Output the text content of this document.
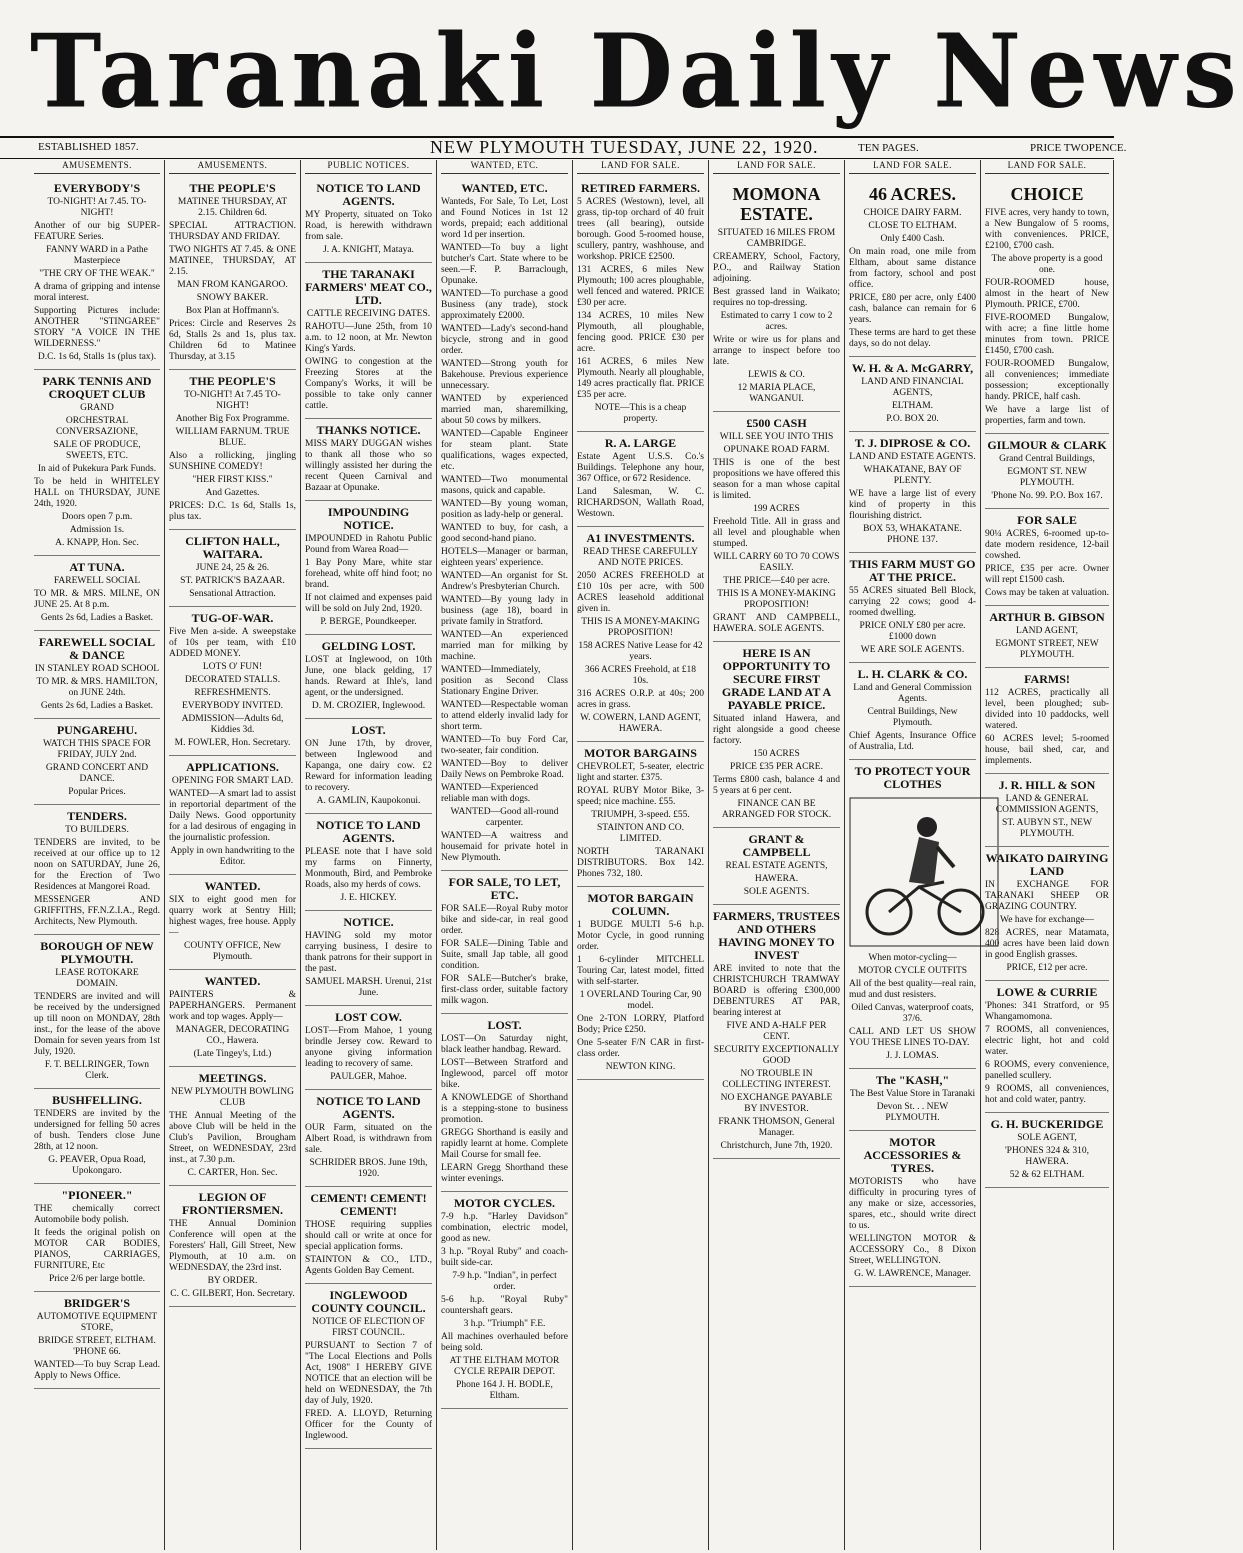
Taranaki Daily News
ESTABLISHED 1857.	NEW PLYMOUTH TUESDAY, JUNE 22, 1920.	TEN PAGES.	PRICE TWOPENCE.
AMUSEMENTS.
EVERYBODY'S

TO-NIGHT! At 7.45. TO-NIGHT!

Another of our big SUPER-FEATURE Series.

FANNY WARD in a Pathe Masterpiece

"THE CRY OF THE WEAK."

A drama of gripping and intense moral interest.

Supporting Pictures include: ANOTHER "STINGAREE" STORY "A VOICE IN THE WILDERNESS."

D.C. 1s 6d, Stalls 1s (plus tax).

PARK TENNIS AND CROQUET CLUB

GRAND

ORCHESTRAL CONVERSAZIONE,

SALE OF PRODUCE, SWEETS, ETC.

In aid of Pukekura Park Funds.

To be held in WHITELEY HALL on THURSDAY, JUNE 24th, 1920.

Doors open 7 p.m.

Admission 1s.

A. KNAPP, Hon. Sec.

AT TUNA.

FAREWELL SOCIAL

TO MR. & MRS. MILNE, ON JUNE 25. At 8 p.m.

Gents 2s 6d, Ladies a Basket.

FAREWELL SOCIAL & DANCE

IN STANLEY ROAD SCHOOL

TO MR. & MRS. HAMILTON, on JUNE 24th.

Gents 2s 6d, Ladies a Basket.

PUNGAREHU.

WATCH THIS SPACE FOR FRIDAY, JULY 2nd.

GRAND CONCERT AND DANCE.

Popular Prices.

TENDERS.

TO BUILDERS.

TENDERS are invited, to be received at our office up to 12 noon on SATURDAY, June 26, for the Erection of Two Residences at Mangorei Road.

MESSENGER AND GRIFFITHS, FF.N.Z.I.A., Regd. Architects, New Plymouth.

BOROUGH OF NEW PLYMOUTH.

LEASE ROTOKARE DOMAIN.

TENDERS are invited and will be received by the undersigned up till noon on MONDAY, 28th inst., for the lease of the above Domain for seven years from 1st July, 1920.

F. T. BELLRINGER, Town Clerk.

BUSHFELLING.

TENDERS are invited by the undersigned for felling 50 acres of bush. Tenders close June 28th, at 12 noon.

G. PEAVER, Opua Road, Upokongaro.

"PIONEER."

THE chemically correct Automobile body polish.

It feeds the original polish on MOTOR CAR BODIES, PIANOS, CARRIAGES, FURNITURE, Etc

Price 2/6 per large bottle.

BRIDGER'S

AUTOMOTIVE EQUIPMENT STORE,

BRIDGE STREET, ELTHAM. 'PHONE 66.

WANTED—To buy Scrap Lead. Apply to News Office.

AMUSEMENTS.
THE PEOPLE'S

MATINEE THURSDAY, AT 2.15. Children 6d.

SPECIAL ATTRACTION. THURSDAY AND FRIDAY.

TWO NIGHTS AT 7.45. & ONE MATINEE, THURSDAY, AT 2.15.

MAN FROM KANGAROO.

SNOWY BAKER.

Box Plan at Hoffmann's.

Prices: Circle and Reserves 2s 6d, Stalls 2s and 1s, plus tax. Children 6d to Matinee Thursday, at 3.15

THE PEOPLE'S

TO-NIGHT! At 7.45 TO-NIGHT!

Another Big Fox Programme.

WILLIAM FARNUM. TRUE BLUE.

Also a rollicking, jingling SUNSHINE COMEDY!

"HER FIRST KISS."

And Gazettes.

PRICES: D.C. 1s 6d, Stalls 1s, plus tax.

CLIFTON HALL, WAITARA.

JUNE 24, 25 & 26.

ST. PATRICK'S BAZAAR.

Sensational Attraction.

TUG-OF-WAR.

Five Men a-side. A sweepstake of 10s per team, with £10 ADDED MONEY.

LOTS O' FUN!

DECORATED STALLS.

REFRESHMENTS.

EVERYBODY INVITED.

ADMISSION—Adults 6d, Kiddies 3d.

M. FOWLER, Hon. Secretary.

APPLICATIONS.

OPENING FOR SMART LAD.

WANTED—A smart lad to assist in reportorial department of the Daily News. Good opportunity for a lad desirous of engaging in the journalistic profession.

Apply in own handwriting to the Editor.

WANTED.

SIX to eight good men for quarry work at Sentry Hill; highest wages, free house. Apply—

COUNTY OFFICE, New Plymouth.

WANTED.

PAINTERS & PAPERHANGERS. Permanent work and top wages. Apply—

MANAGER, DECORATING CO., Hawera.

(Late Tingey's, Ltd.)

MEETINGS.

NEW PLYMOUTH BOWLING CLUB

THE Annual Meeting of the above Club will be held in the Club's Pavilion, Brougham Street, on WEDNESDAY, 23rd inst., at 7.30 p.m.

C. CARTER, Hon. Sec.

LEGION OF FRONTIERSMEN.

THE Annual Dominion Conference will open at the Foresters' Hall, Gill Street, New Plymouth, at 10 a.m. on WEDNESDAY, the 23rd inst.

BY ORDER.

C. C. GILBERT, Hon. Secretary.

PUBLIC NOTICES.
NOTICE TO LAND AGENTS.

MY Property, situated on Toko Road, is herewith withdrawn from sale.

J. A. KNIGHT, Mataya.

THE TARANAKI FARMERS' MEAT CO., LTD.

CATTLE RECEIVING DATES.

RAHOTU—June 25th, from 10 a.m. to 12 noon, at Mr. Newton King's Yards.

OWING to congestion at the Freezing Stores at the Company's Works, it will be possible to take only canner cattle.

THANKS NOTICE.

MISS MARY DUGGAN wishes to thank all those who so willingly assisted her during the recent Queen Carnival and Bazaar at Opunake.

IMPOUNDING NOTICE.

IMPOUNDED in Rahotu Public Pound from Warea Road—

1 Bay Pony Mare, white star forehead, white off hind foot; no brand.

If not claimed and expenses paid will be sold on July 2nd, 1920.

P. BERGE, Poundkeeper.

GELDING LOST.

LOST at Inglewood, on 10th June, one black gelding, 17 hands. Reward at Ihle's, land agent, or the undersigned.

D. M. CROZIER, Inglewood.

LOST.

ON June 17th, by drover, between Inglewood and Kapanga, one dairy cow. £2 Reward for information leading to recovery.

A. GAMLIN, Kaupokonui.

NOTICE TO LAND AGENTS.

PLEASE note that I have sold my farms on Finnerty, Monmouth, Bird, and Pembroke Roads, also my herds of cows.

J. E. HICKEY.

NOTICE.

HAVING sold my motor carrying business, I desire to thank patrons for their support in the past.

SAMUEL MARSH. Urenui, 21st June.

LOST COW.

LOST—From Mahoe, 1 young brindle Jersey cow. Reward to anyone giving information leading to recovery of same.

PAULGER, Mahoe.

NOTICE TO LAND AGENTS.

OUR Farm, situated on the Albert Road, is withdrawn from sale.

SCHRIDER BROS. June 19th, 1920.

CEMENT! CEMENT! CEMENT!

THOSE requiring supplies should call or write at once for special application forms.

STAINTON & CO., LTD., Agents Golden Bay Cement.

INGLEWOOD COUNTY COUNCIL.

NOTICE OF ELECTION OF FIRST COUNCIL.

PURSUANT to Section 7 of "The Local Elections and Polls Act, 1908" I HEREBY GIVE NOTICE that an election will be held on WEDNESDAY, the 7th day of July, 1920.

FRED. A. LLOYD, Returning Officer for the County of Inglewood.

WANTED, ETC.
WANTED, ETC.

Wanteds, For Sale, To Let, Lost and Found Notices in 1st 12 words, prepaid; each additional word 1d per insertion.

WANTED—To buy a light butcher's Cart. State where to be seen.—F. P. Barraclough, Opunake.

WANTED—To purchase a good Business (any trade), stock approximately £2000.

WANTED—Lady's second-hand bicycle, strong and in good order.

WANTED—Strong youth for Bakehouse. Previous experience unnecessary.

WANTED by experienced married man, sharemilking, about 50 cows by milkers.

WANTED—Capable Engineer for steam plant. State qualifications, wages expected, etc.

WANTED—Two monumental masons, quick and capable.

WANTED—By young woman, position as lady-help or general.

WANTED to buy, for cash, a good second-hand piano.

HOTELS—Manager or barman, eighteen years' experience.

WANTED—An organist for St. Andrew's Presbyterian Church.

WANTED—By young lady in business (age 18), board in private family in Stratford.

WANTED—An experienced married man for milking by machine.

WANTED—Immediately, position as Second Class Stationary Engine Driver.

WANTED—Respectable woman to attend elderly invalid lady for short term.

WANTED—To buy Ford Car, two-seater, fair condition.

WANTED—Boy to deliver Daily News on Pembroke Road.

WANTED—Experienced reliable man with dogs.

WANTED—Good all-round carpenter.

WANTED—A waitress and housemaid for private hotel in New Plymouth.

FOR SALE, TO LET, ETC.

FOR SALE—Royal Ruby motor bike and side-car, in real good order.

FOR SALE—Dining Table and Suite, small Jap table, all good condition.

FOR SALE—Butcher's brake, first-class order, suitable factory milk wagon.

LOST.

LOST—On Saturday night, black leather handbag. Reward.

LOST—Between Stratford and Inglewood, parcel off motor bike.

A KNOWLEDGE of Shorthand is a stepping-stone to business promotion.

GREGG Shorthand is easily and rapidly learnt at home. Complete Mail Course for small fee.

LEARN Gregg Shorthand these winter evenings.

MOTOR CYCLES.

7-9 h.p. "Harley Davidson" combination, electric model, good as new.

3 h.p. "Royal Ruby" and coach-built side-car.

7-9 h.p. "Indian", in perfect order.

5-6 h.p. "Royal Ruby" countershaft gears.

3 h.p. "Triumph" F.E.

All machines overhauled before being sold.

AT THE ELTHAM MOTOR CYCLE REPAIR DEPOT.

Phone 164 J. H. BODLE, Eltham.

LAND FOR SALE.
RETIRED FARMERS.

5 ACRES (Westown), level, all grass, tip-top orchard of 40 fruit trees (all bearing), outside borough. Good 5-roomed house, scullery, pantry, washhouse, and workshop. PRICE £2500.

131 ACRES, 6 miles New Plymouth; 100 acres ploughable, well fenced and watered. PRICE £30 per acre.

134 ACRES, 10 miles New Plymouth, all ploughable, fencing good. PRICE £30 per acre.

161 ACRES, 6 miles New Plymouth. Nearly all ploughable, 149 acres practically flat. PRICE £35 per acre.

NOTE—This is a cheap property.

R. A. LARGE

Estate Agent U.S.S. Co.'s Buildings. Telephone any hour, 367 Office, or 672 Residence.

Land Salesman, W. C. RICHARDSON, Wallath Road, Westown.

A1 INVESTMENTS.

READ THESE CAREFULLY AND NOTE PRICES.

2050 ACRES FREEHOLD at £10 10s per acre, with 500 ACRES leasehold additional given in.

THIS IS A MONEY-MAKING PROPOSITION!

158 ACRES Native Lease for 42 years.

366 ACRES Freehold, at £18 10s.

316 ACRES O.R.P. at 40s; 200 acres in grass.

W. COWERN, LAND AGENT, HAWERA.

MOTOR BARGAINS

CHEVROLET, 5-seater, electric light and starter. £375.

ROYAL RUBY Motor Bike, 3-speed; nice machine. £55.

TRIUMPH, 3-speed. £55.

STAINTON AND CO. LIMITED.

NORTH TARANAKI DISTRIBUTORS. Box 142. Phones 732, 180.

MOTOR BARGAIN COLUMN.

1 BUDGE MULTI 5-6 h.p. Motor Cycle, in good running order.

1 6-cylinder MITCHELL Touring Car, latest model, fitted with self-starter.

1 OVERLAND Touring Car, 90 model.

One 2-TON LORRY, Platford Body; Price £250.

One 5-seater F/N CAR in first-class order.

NEWTON KING.

LAND FOR SALE.
MOMONA ESTATE.

SITUATED 16 MILES FROM CAMBRIDGE.

CREAMERY, School, Factory, P.O., and Railway Station adjoining.

Best grassed land in Waikato; requires no top-dressing.

Estimated to carry 1 cow to 2 acres.

Write or wire us for plans and arrange to inspect before too late.

LEWIS & CO.

12 MARIA PLACE, WANGANUI.

£500 CASH

WILL SEE YOU INTO THIS

OPUNAKE ROAD FARM.

THIS is one of the best propositions we have offered this season for a man whose capital is limited.

199 ACRES

Freehold Title. All in grass and all level and ploughable when stumped.

WILL CARRY 60 TO 70 COWS EASILY.

THE PRICE—£40 per acre.

THIS IS A MONEY-MAKING PROPOSITION!

GRANT AND CAMPBELL, HAWERA. SOLE AGENTS.

HERE IS AN OPPORTUNITY TO SECURE FIRST GRADE LAND AT A PAYABLE PRICE.

Situated inland Hawera, and right alongside a good cheese factory.

150 ACRES

PRICE £35 PER ACRE.

Terms £800 cash, balance 4 and 5 years at 6 per cent.

FINANCE CAN BE ARRANGED FOR STOCK.

GRANT & CAMPBELL

REAL ESTATE AGENTS,

HAWERA.

SOLE AGENTS.

FARMERS, TRUSTEES AND OTHERS HAVING MONEY TO INVEST

ARE invited to note that the CHRISTCHURCH TRAMWAY BOARD is offering £300,000 DEBENTURES AT PAR, bearing interest at

FIVE AND A-HALF PER CENT.

SECURITY EXCEPTIONALLY GOOD

NO TROUBLE IN COLLECTING INTEREST.

NO EXCHANGE PAYABLE BY INVESTOR.

FRANK THOMSON, General Manager.

Christchurch, June 7th, 1920.

LAND FOR SALE.
46 ACRES.

CHOICE DAIRY FARM.

CLOSE TO ELTHAM.

Only £400 Cash.

On main road, one mile from Eltham, about same distance from factory, school and post office.

PRICE, £80 per acre, only £400 cash, balance can remain for 6 years.

These terms are hard to get these days, so do not delay.

W. H. & A. McGARRY,

LAND AND FINANCIAL AGENTS,

ELTHAM.

P.O. BOX 20.

T. J. DIPROSE & CO.

LAND AND ESTATE AGENTS.

WHAKATANE, BAY OF PLENTY.

WE have a large list of every kind of property in this flourishing district.

BOX 53, WHAKATANE. PHONE 137.

THIS FARM MUST GO AT THE PRICE.

55 ACRES situated Bell Block, carrying 22 cows; good 4-roomed dwelling.

PRICE ONLY £80 per acre. £1000 down

WE ARE SOLE AGENTS.

L. H. CLARK & CO.

Land and General Commission Agents.

Central Buildings, New Plymouth.

Chief Agents, Insurance Office of Australia, Ltd.

TO PROTECT YOUR CLOTHES

When motor-cycling—

MOTOR CYCLE OUTFITS

All of the best quality—real rain, mud and dust resisters.

Oiled Canvas, waterproof coats, 37/6.

CALL AND LET US SHOW YOU THESE LINES TO-DAY.

J. J. LOMAS.

The "KASH,"

The Best Value Store in Taranaki

Devon St. . . NEW PLYMOUTH.

MOTOR ACCESSORIES & TYRES.

MOTORISTS who have difficulty in procuring tyres of any make or size, accessories, spares, etc., should write direct to us.

WELLINGTON MOTOR & ACCESSORY Co., 8 Dixon Street, WELLINGTON.

G. W. LAWRENCE, Manager.

LAND FOR SALE.
CHOICE

FIVE acres, very handy to town, a New Bungalow of 5 rooms, with conveniences. PRICE, £2100, £700 cash.

The above property is a good one.

FOUR-ROOMED house, almost in the heart of New Plymouth. PRICE, £700.

FIVE-ROOMED Bungalow, with acre; a fine little home minutes from town. PRICE £1450, £700 cash.

FOUR-ROOMED Bungalow, all conveniences; immediate possession; exceptionally handy. PRICE, half cash.

We have a large list of properties, farm and town.

GILMOUR & CLARK

Grand Central Buildings,

EGMONT ST. NEW PLYMOUTH.

'Phone No. 99. P.O. Box 167.

FOR SALE

90¼ ACRES, 6-roomed up-to-date modern residence, 12-bail cowshed.

PRICE, £35 per acre. Owner will rept £1500 cash.

Cows may be taken at valuation.

ARTHUR B. GIBSON

LAND AGENT,

EGMONT STREET, NEW PLYMOUTH.

FARMS!

112 ACRES, practically all level, been ploughed; sub-divided into 10 paddocks, well watered.

60 ACRES level; 5-roomed house, bail shed, car, and implements.

J. R. HILL & SON

LAND & GENERAL COMMISSION AGENTS,

ST. AUBYN ST., NEW PLYMOUTH.

WAIKATO DAIRYING LAND

IN EXCHANGE FOR TARANAKI SHEEP OR GRAZING COUNTRY.

We have for exchange—

828 ACRES, near Matamata, 400 acres have been laid down in good English grasses.

PRICE, £12 per acre.

LOWE & CURRIE

'Phones: 341 Stratford, or 95 Whangamomona.

7 ROOMS, all conveniences, electric light, hot and cold water.

6 ROOMS, every convenience, panelled scullery.

9 ROOMS, all conveniences, hot and cold water, pantry.

G. H. BUCKERIDGE

SOLE AGENT,

'PHONES 324 & 310, HAWERA.

52 & 62 ELTHAM.
